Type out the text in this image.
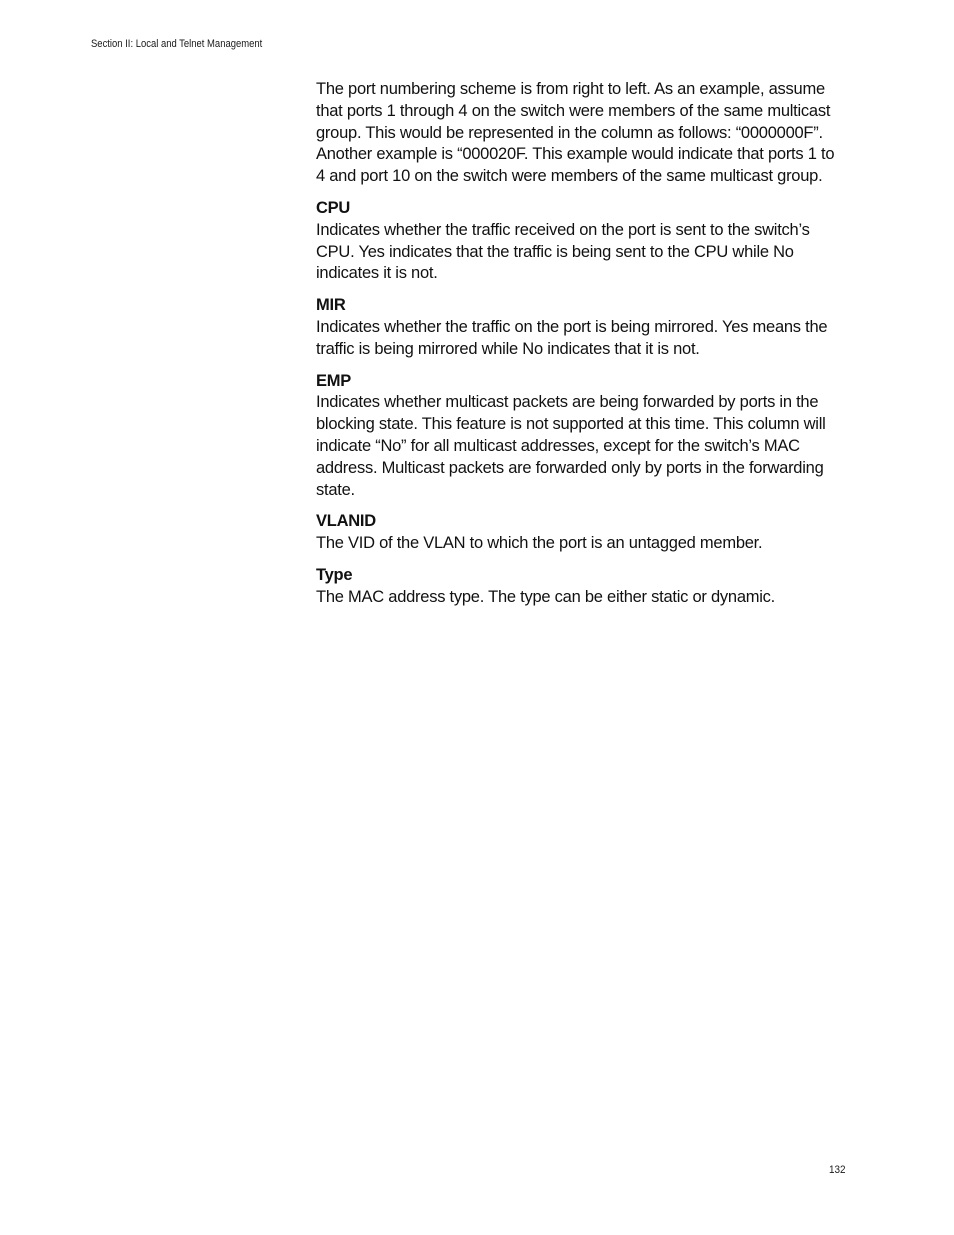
Section II: Local and Telnet Management

The port numbering scheme is from right to left. As an example, assume that ports 1 through 4 on the switch were members of the same multicast group. This would be represented in the column as follows: “0000000F”. Another example is “000020F. This example would indicate that ports 1 to 4 and port 10 on the switch were members of the same multicast group.

CPU
Indicates whether the traffic received on the port is sent to the switch’s CPU. Yes indicates that the traffic is being sent to the CPU while No indicates it is not.
MIR
Indicates whether the traffic on the port is being mirrored. Yes means the traffic is being mirrored while No indicates that it is not.
EMP
Indicates whether multicast packets are being forwarded by ports in the blocking state. This feature is not supported at this time. This column will indicate “No” for all multicast addresses, except for the switch’s MAC address. Multicast packets are forwarded only by ports in the forwarding state.
VLANID
The VID of the VLAN to which the port is an untagged member.
Type
The MAC address type. The type can be either static or dynamic.
132
